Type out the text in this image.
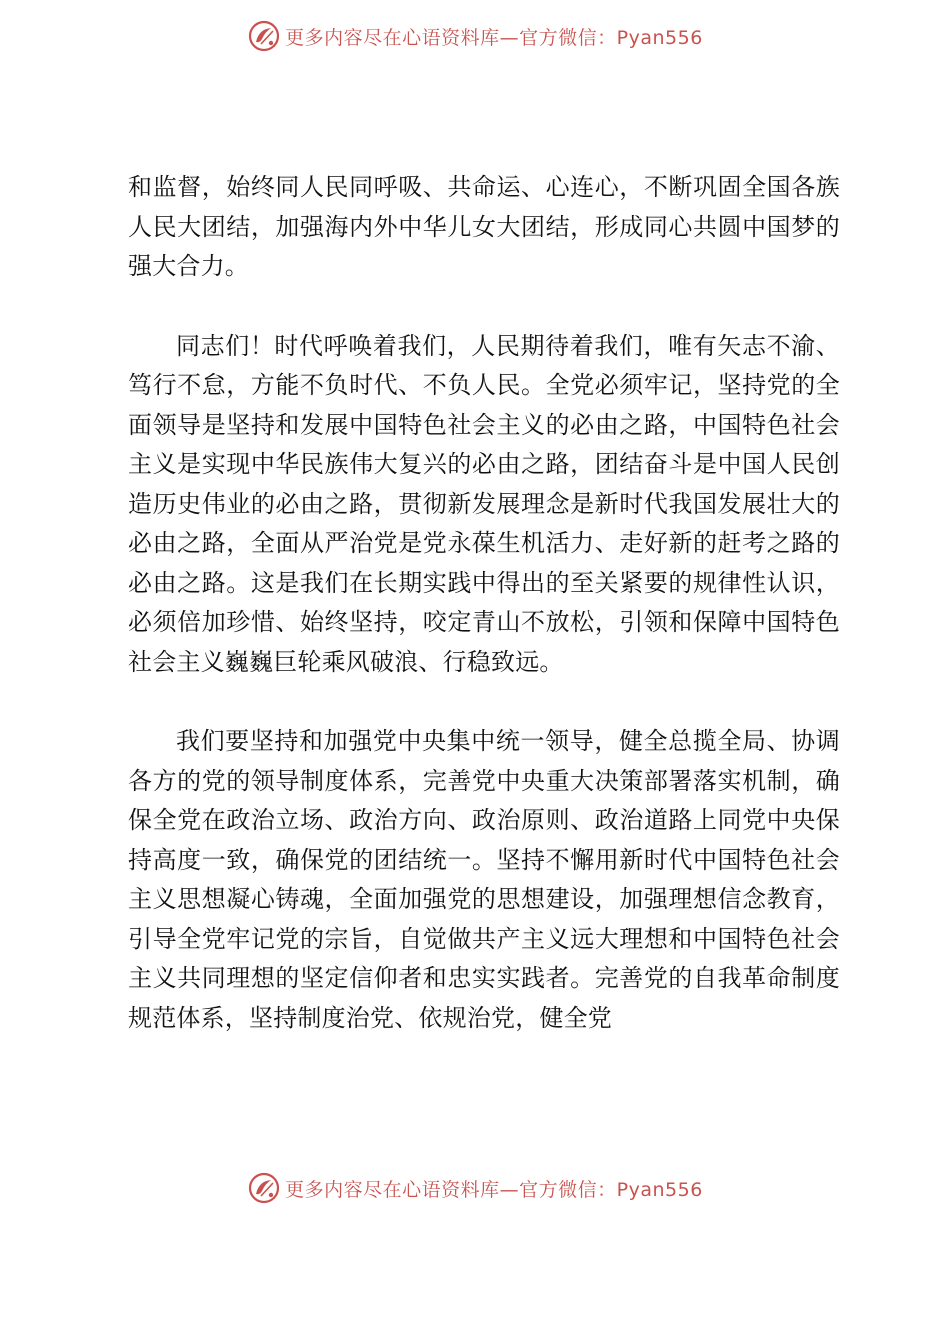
更多内容尽在心语资料库—官方微信：Pyan556

和监督，始终同人民同呼吸、共命运、心连心，不断巩固全国各族人民大团结，加强海内外中华儿女大团结，形成同心共圆中国梦的强大合力。

同志们！时代呼唤着我们，人民期待着我们，唯有矢志不渝、笃行不怠，方能不负时代、不负人民。全党必须牢记，坚持党的全面领导是坚持和发展中国特色社会主义的必由之路，中国特色社会主义是实现中华民族伟大复兴的必由之路，团结奋斗是中国人民创造历史伟业的必由之路，贯彻新发展理念是新时代我国发展壮大的必由之路，全面从严治党是党永葆生机活力、走好新的赶考之路的必由之路。这是我们在长期实践中得出的至关紧要的规律性认识，必须倍加珍惜、始终坚持，咬定青山不放松，引领和保障中国特色社会主义巍巍巨轮乘风破浪、行稳致远。

我们要坚持和加强党中央集中统一领导，健全总揽全局、协调各方的党的领导制度体系，完善党中央重大决策部署落实机制，确保全党在政治立场、政治方向、政治原则、政治道路上同党中央保持高度一致，确保党的团结统一。坚持不懈用新时代中国特色社会主义思想凝心铸魂，全面加强党的思想建设，加强理想信念教育，引导全党牢记党的宗旨，自觉做共产主义远大理想和中国特色社会主义共同理想的坚定信仰者和忠实实践者。完善党的自我革命制度规范体系，坚持制度治党、依规治党，健全党

更多内容尽在心语资料库—官方微信：Pyan556
